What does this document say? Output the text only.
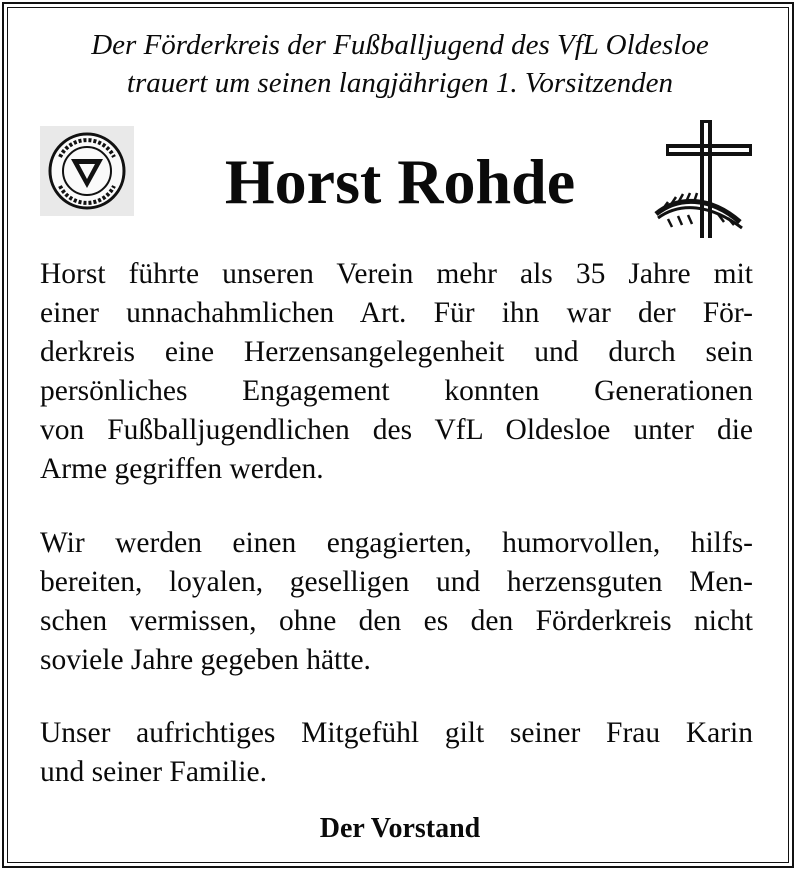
Der Förderkreis der Fußballjugend des VfL Oldesloe
trauert um seinen langjährigen 1. Vorsitzenden
Horst Rohde
Horst führte unseren Verein mehr als 35 Jahre mit
einer unnachahmlichen Art. Für ihn war der För-
derkreis eine Herzensangelegenheit und durch sein
persönliches Engagement konnten Generationen
von Fußballjugendlichen des VfL Oldesloe unter die
Arme gegriffen werden.
Wir werden einen engagierten, humorvollen, hilfs-
bereiten, loyalen, geselligen und herzensguten Men-
schen vermissen, ohne den es den Förderkreis nicht
soviele Jahre gegeben hätte.
Unser aufrichtiges Mitgefühl gilt seiner Frau Karin
und seiner Familie.
Der Vorstand
